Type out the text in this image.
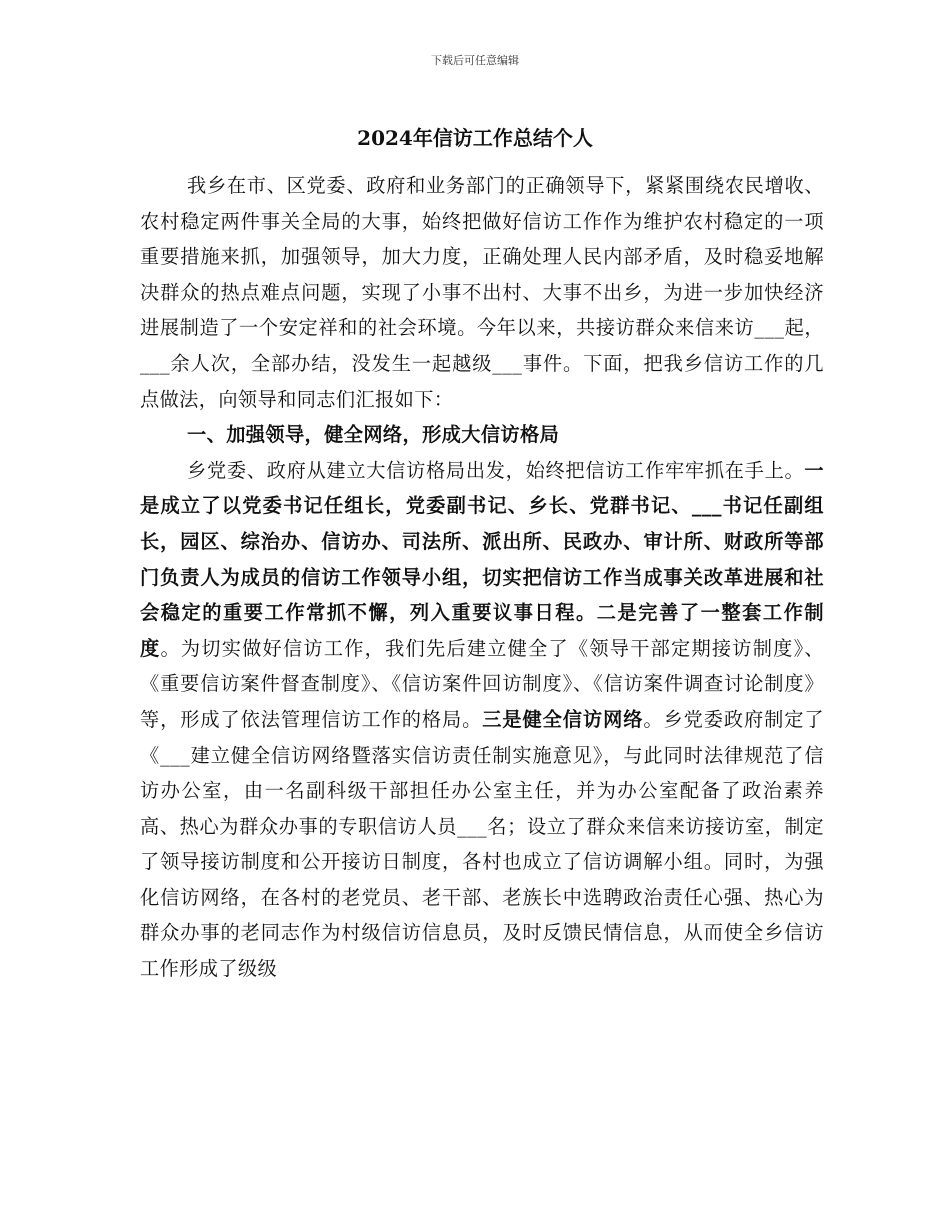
下载后可任意编辑
2024年信访工作总结个人

我乡在市、区党委、政府和业务部门的正确领导下，紧紧围绕农民增收、农村稳定两件事关全局的大事，始终把做好信访工作作为维护农村稳定的一项重要措施来抓，加强领导，加大力度，正确处理人民内部矛盾，及时稳妥地解决群众的热点难点问题，实现了小事不出村、大事不出乡，为进一步加快经济进展制造了一个安定祥和的社会环境。今年以来，共接访群众来信来访___起，___余人次，全部办结，没发生一起越级___事件。下面，把我乡信访工作的几点做法，向领导和同志们汇报如下：

一、加强领导，健全网络，形成大信访格局

乡党委、政府从建立大信访格局出发，始终把信访工作牢牢抓在手上。一是成立了以党委书记任组长，党委副书记、乡长、党群书记、___书记任副组长，园区、综治办、信访办、司法所、派出所、民政办、审计所、财政所等部门负责人为成员的信访工作领导小组，切实把信访工作当成事关改革进展和社会稳定的重要工作常抓不懈，列入重要议事日程。二是完善了一整套工作制度。为切实做好信访工作，我们先后建立健全了《领导干部定期接访制度》、《重要信访案件督查制度》、《信访案件回访制度》、《信访案件调查讨论制度》等，形成了依法管理信访工作的格局。三是健全信访网络。乡党委政府制定了《___建立健全信访网络暨落实信访责任制实施意见》，与此同时法律规范了信访办公室，由一名副科级干部担任办公室主任，并为办公室配备了政治素养高、热心为群众办事的专职信访人员___名；设立了群众来信来访接访室，制定了领导接访制度和公开接访日制度，各村也成立了信访调解小组。同时，为强化信访网络，在各村的老党员、老干部、老族长中选聘政治责任心强、热心为群众办事的老同志作为村级信访信息员，及时反馈民情信息，从而使全乡信访工作形成了级级
